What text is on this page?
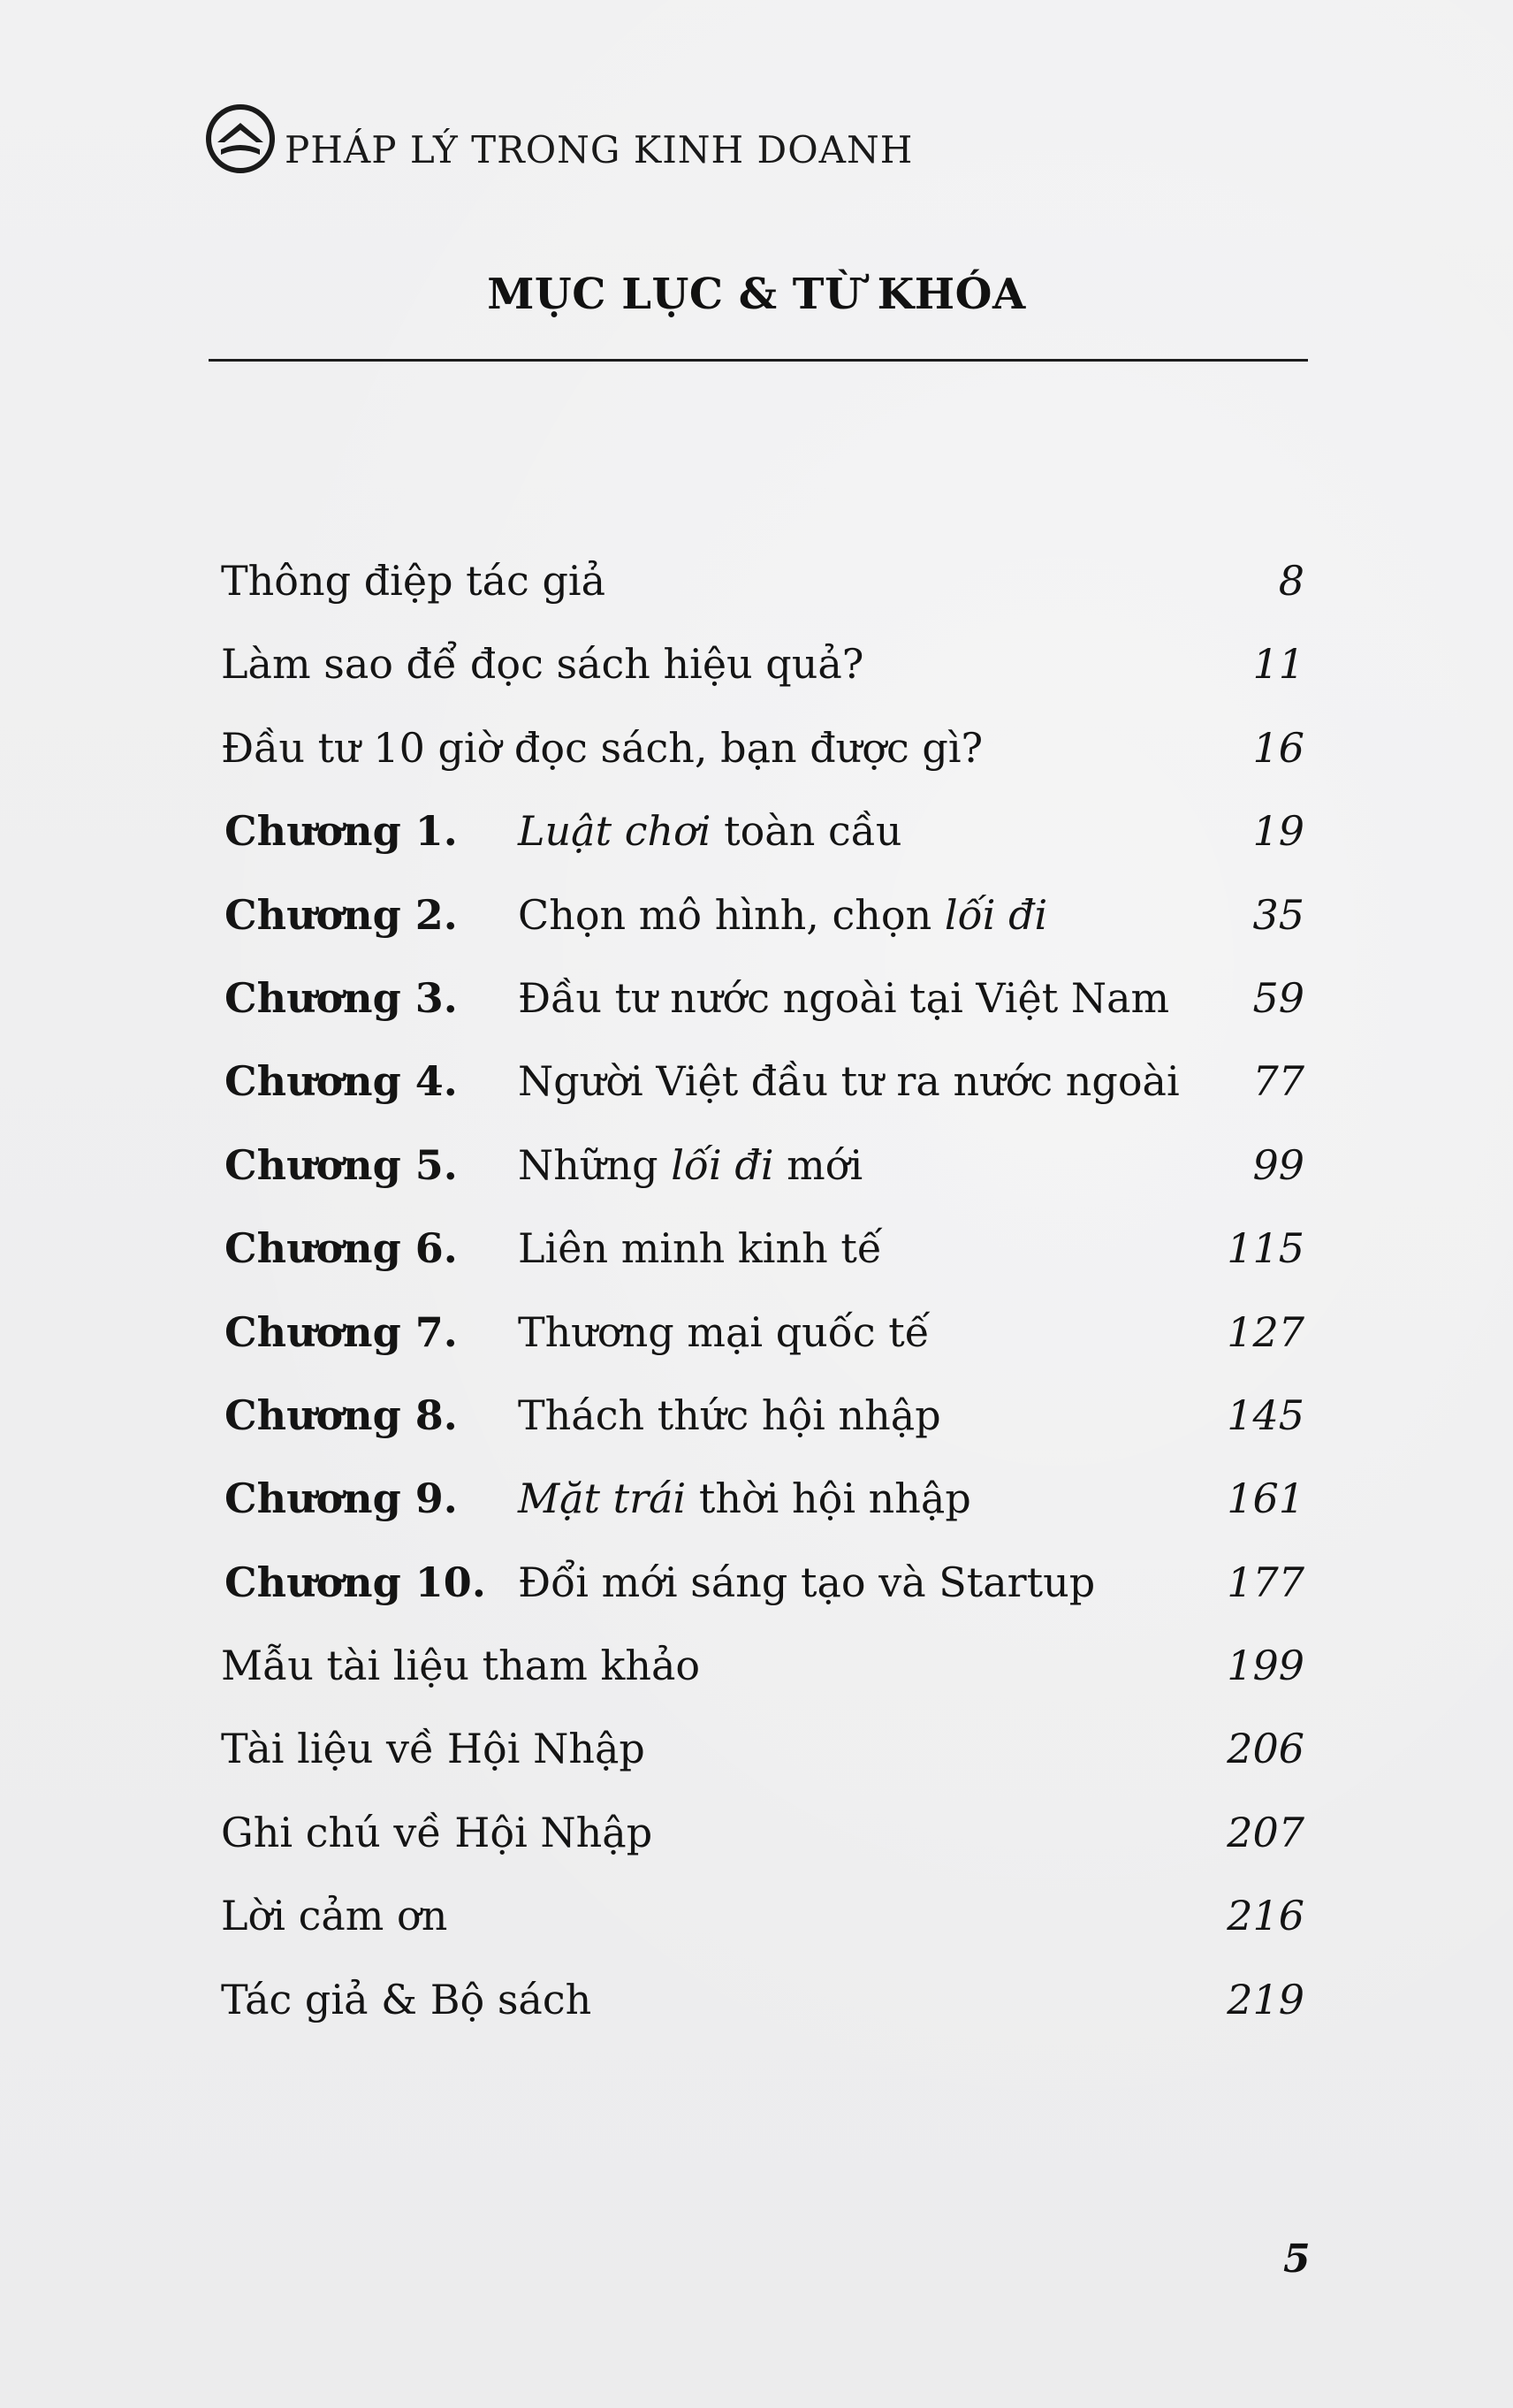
PHÁP LÝ TRONG KINH DOANH
MỤC LỤC & TỪ KHÓA
Thông điệp tác giả	8
Làm sao để đọc sách hiệu quả?	11
Đầu tư 10 giờ đọc sách, bạn được gì?	16
Chương 1. Luật chơi toàn cầu	19
Chương 2. Chọn mô hình, chọn lối đi	35
Chương 3. Đầu tư nước ngoài tại Việt Nam 59
Chương 4. Người Việt đầu tư ra nước ngoài 77
Chương 5. Những lối đi mới	99
Chương 6. Liên minh kinh tế	115
Chương 7. Thương mại quốc tế	127
Chương 8. Thách thức hội nhập	145
Chương 9. Mặt trái thời hội nhập	161
Chương 10. Đổi mới sáng tạo và Startup	177
Mẫu tài liệu tham khảo	199
Tài liệu về Hội Nhập	206
Ghi chú về Hội Nhập	207
Lời cảm ơn	216
Tác giả & Bộ sách	219
5
